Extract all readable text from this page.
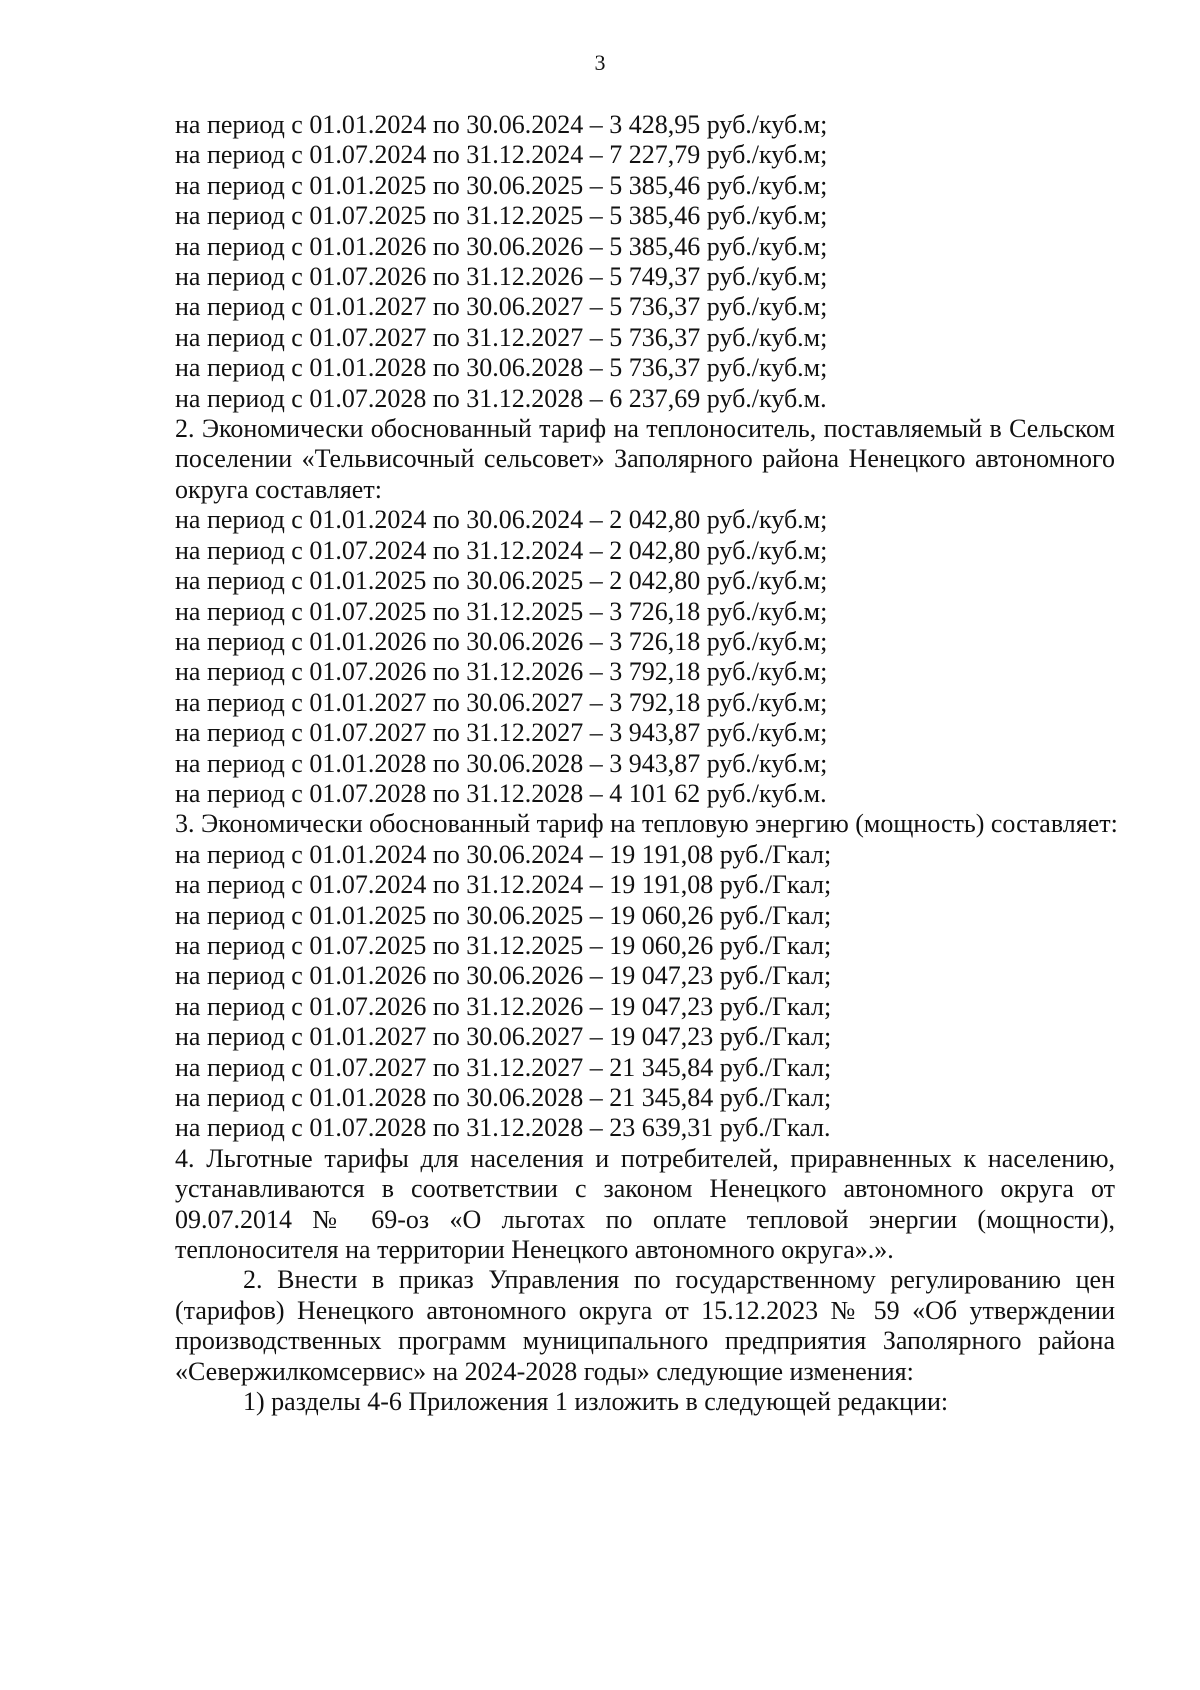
3
на период с 01.01.2024 по 30.06.2024 – 3 428,95 руб./куб.м;
на период с 01.07.2024 по 31.12.2024 – 7 227,79 руб./куб.м;
на период с 01.01.2025 по 30.06.2025 – 5 385,46 руб./куб.м;
на период с 01.07.2025 по 31.12.2025 – 5 385,46 руб./куб.м;
на период с 01.01.2026 по 30.06.2026 – 5 385,46 руб./куб.м;
на период с 01.07.2026 по 31.12.2026 – 5 749,37 руб./куб.м;
на период с 01.01.2027 по 30.06.2027 – 5 736,37 руб./куб.м;
на период с 01.07.2027 по 31.12.2027 – 5 736,37 руб./куб.м;
на период с 01.01.2028 по 30.06.2028 – 5 736,37 руб./куб.м;
на период с 01.07.2028 по 31.12.2028 – 6 237,69 руб./куб.м.
2. Экономически обоснованный тариф на теплоноситель, поставляемый в Сельском поселении «Тельвисочный сельсовет» Заполярного района Ненецкого автономного округа составляет:
на период с 01.01.2024 по 30.06.2024 – 2 042,80 руб./куб.м;
на период с 01.07.2024 по 31.12.2024 – 2 042,80 руб./куб.м;
на период с 01.01.2025 по 30.06.2025 – 2 042,80 руб./куб.м;
на период с 01.07.2025 по 31.12.2025 – 3 726,18 руб./куб.м;
на период с 01.01.2026 по 30.06.2026 – 3 726,18 руб./куб.м;
на период с 01.07.2026 по 31.12.2026 – 3 792,18 руб./куб.м;
на период с 01.01.2027 по 30.06.2027 – 3 792,18 руб./куб.м;
на период с 01.07.2027 по 31.12.2027 – 3 943,87 руб./куб.м;
на период с 01.01.2028 по 30.06.2028 – 3 943,87 руб./куб.м;
на период с 01.07.2028 по 31.12.2028 – 4 101 62 руб./куб.м.
3. Экономически обоснованный тариф на тепловую энергию (мощность) составляет:
на период с 01.01.2024 по 30.06.2024 – 19 191,08 руб./Гкал;
на период с 01.07.2024 по 31.12.2024 – 19 191,08 руб./Гкал;
на период с 01.01.2025 по 30.06.2025 – 19 060,26 руб./Гкал;
на период с 01.07.2025 по 31.12.2025 – 19 060,26 руб./Гкал;
на период с 01.01.2026 по 30.06.2026 – 19 047,23 руб./Гкал;
на период с 01.07.2026 по 31.12.2026 – 19 047,23 руб./Гкал;
на период с 01.01.2027 по 30.06.2027 – 19 047,23 руб./Гкал;
на период с 01.07.2027 по 31.12.2027 – 21 345,84 руб./Гкал;
на период с 01.01.2028 по 30.06.2028 – 21 345,84 руб./Гкал;
на период с 01.07.2028 по 31.12.2028 – 23 639,31 руб./Гкал.
4. Льготные тарифы для населения и потребителей, приравненных к населению, устанавливаются в соответствии с законом Ненецкого автономного округа от 09.07.2014 № 69-оз «О льготах по оплате тепловой энергии (мощности), теплоносителя на территории Ненецкого автономного округа».».
2. Внести в приказ Управления по государственному регулированию цен (тарифов) Ненецкого автономного округа от 15.12.2023 № 59 «Об утверждении производственных программ муниципального предприятия Заполярного района «Севержилкомсервис» на 2024-2028 годы» следующие изменения:
1) разделы 4-6 Приложения 1 изложить в следующей редакции:
